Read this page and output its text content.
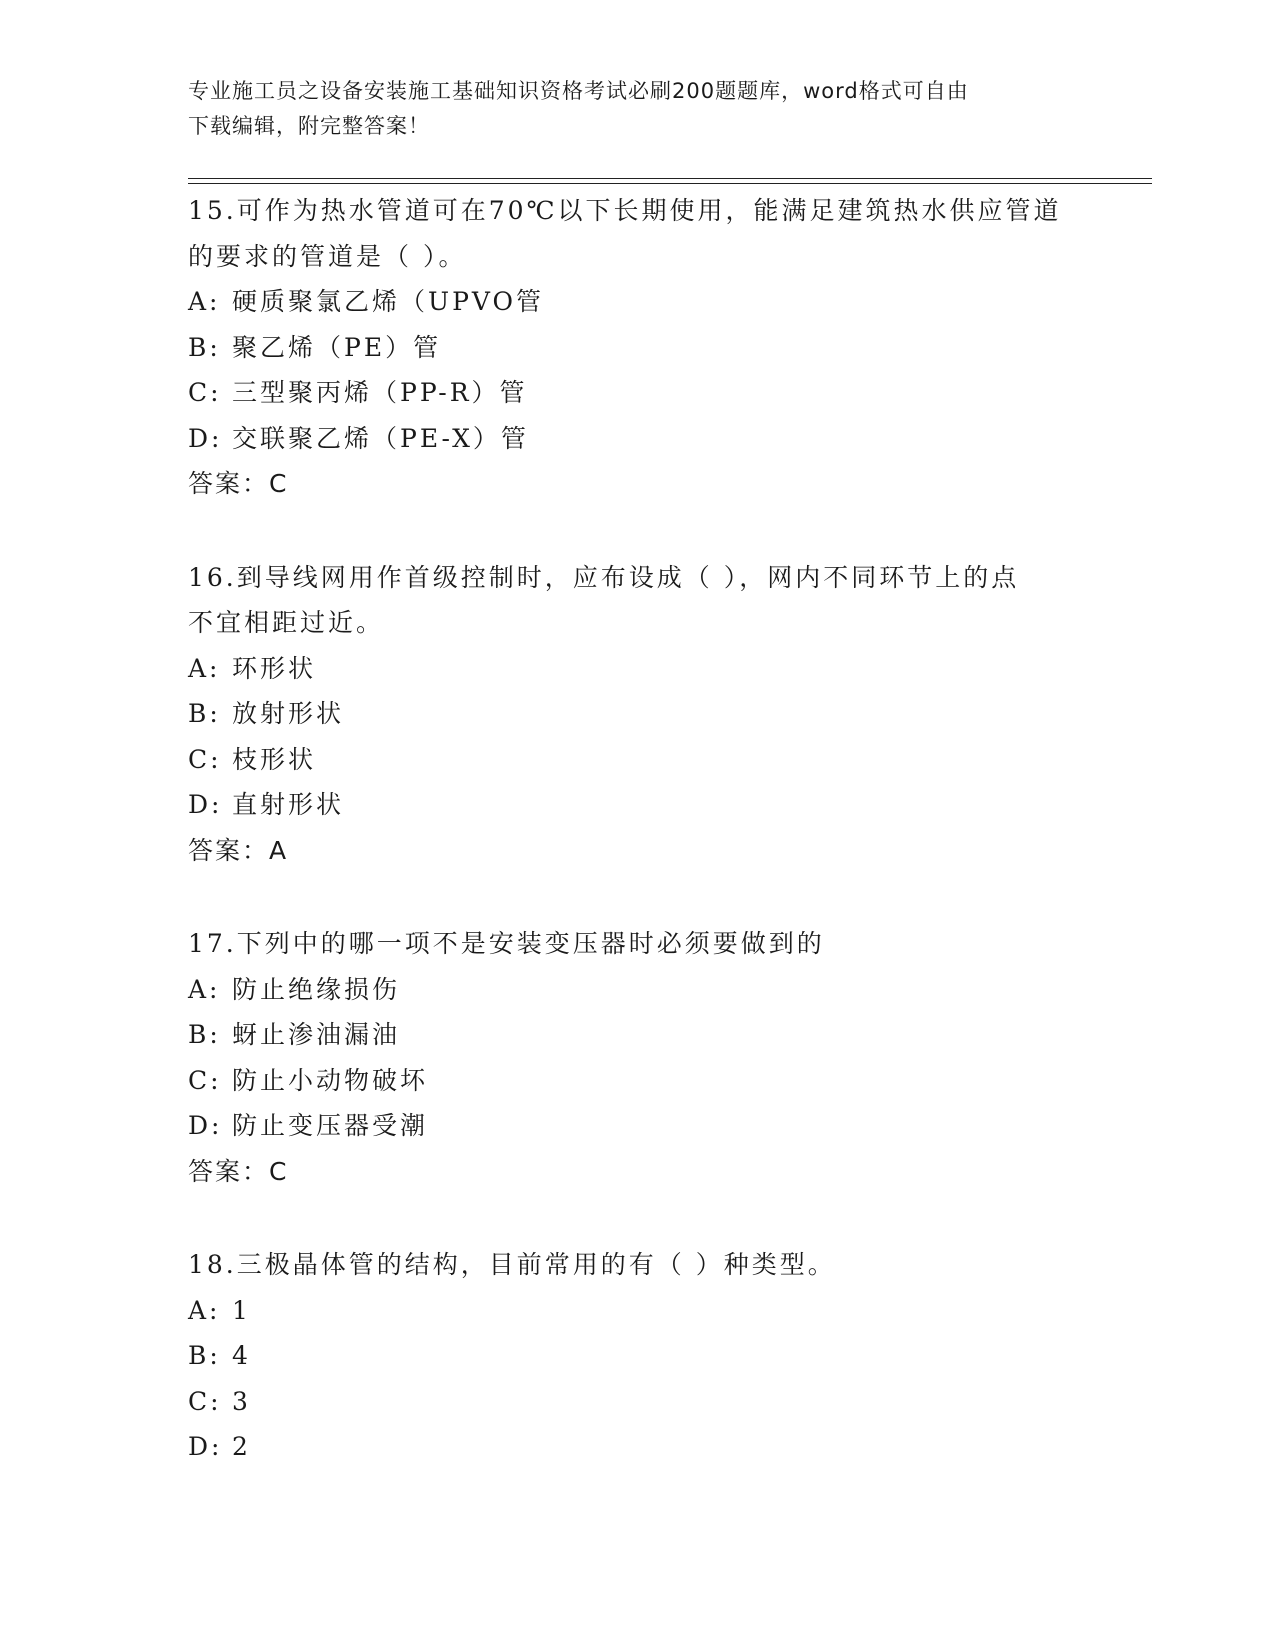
专业施工员之设备安装施工基础知识资格考试必刷200题题库，word格式可自由
下载编辑，附完整答案！
15.可作为热水管道可在70℃以下长期使用，能满足建筑热水供应管道
的要求的管道是（ ）。
A: 硬质聚氯乙烯（UPVO管
B: 聚乙烯（PE）管
C: 三型聚丙烯（PP-R）管
D: 交联聚乙烯（PE-X）管
答案：C
16.到导线网用作首级控制时，应布设成（ ），网内不同环节上的点
不宜相距过近。
A: 环形状
B: 放射形状
C: 枝形状
D: 直射形状
答案：A
17.下列中的哪一项不是安装变压器时必须要做到的
A: 防止绝缘损伤
B: 蚜止渗油漏油
C: 防止小动物破坏
D: 防止变压器受潮
答案：C
18.三极晶体管的结构，目前常用的有（ ）种类型。
A: 1
B: 4
C: 3
D: 2
